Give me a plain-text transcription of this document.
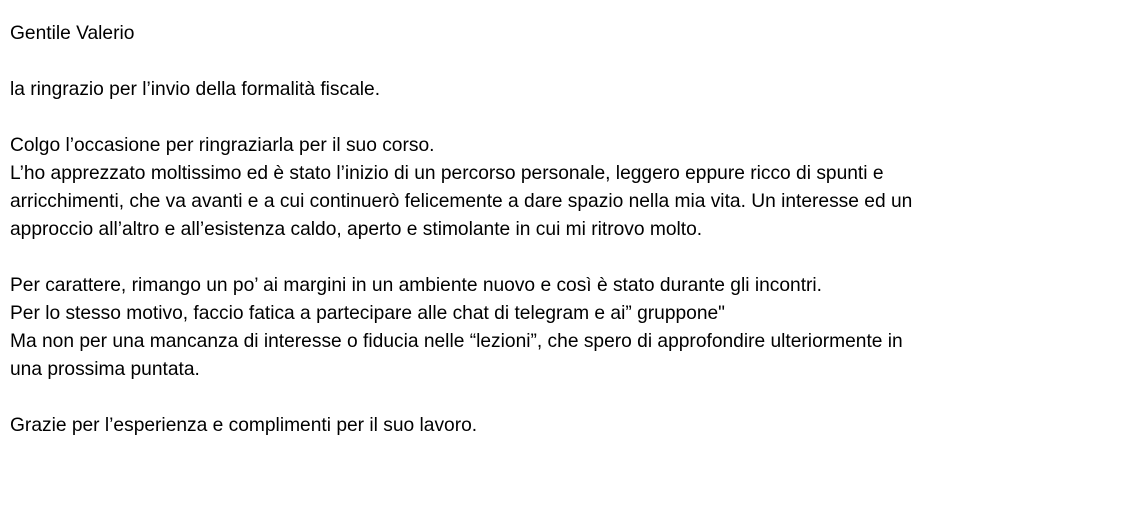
Gentile Valerio

la ringrazio per l’invio della formalità fiscale.

Colgo l’occasione per ringraziarla per il suo corso.
L’ho apprezzato moltissimo ed è stato l’inizio di un percorso personale, leggero eppure ricco di spunti e
arricchimenti, che va avanti e a cui continuerò felicemente a dare spazio nella mia vita. Un interesse ed un
approccio all’altro e all’esistenza caldo, aperto e stimolante in cui mi ritrovo molto.

Per carattere, rimango un po’ ai margini in un ambiente nuovo e così è stato durante gli incontri.
Per lo stesso motivo, faccio fatica a partecipare alle chat di telegram e ai” gruppone"
Ma non per una mancanza di interesse o fiducia nelle “lezioni”, che spero di approfondire ulteriormente in
una prossima puntata.

Grazie per l’esperienza e complimenti per il suo lavoro.
